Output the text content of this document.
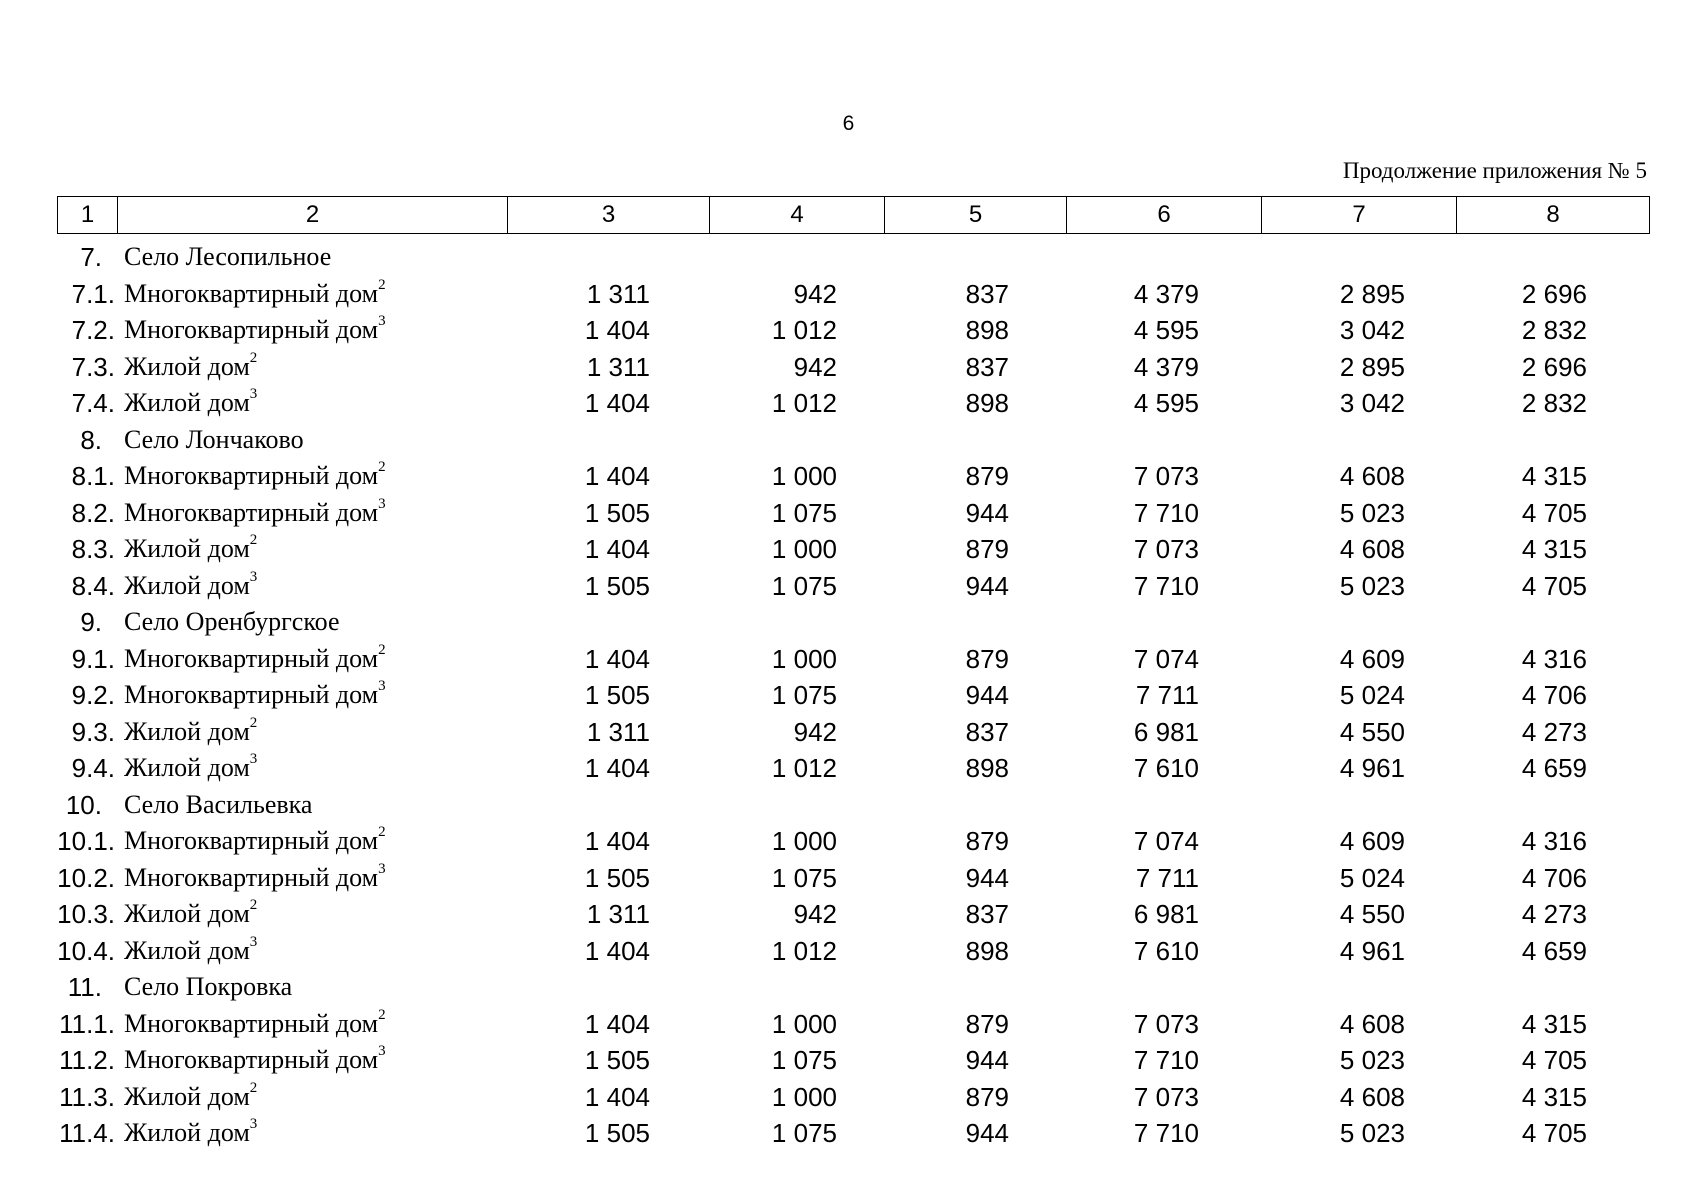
6
Продолжение приложения № 5
1	2	3	4	5	6	7	8
7. Село Лесопильное
7.1. Многоквартирный дом$^2$	1 311	942	837	4 379	2 895	2 696
7.2. Многоквартирный дом$^3$	1 404	1 012	898	4 595	3 042	2 832
7.3. Жилой дом$^2$	1 311	942	837	4 379	2 895	2 696
7.4. Жилой дом$^3$	1 404	1 012	898	4 595	3 042	2 832
8. Село Лончаково
8.1. Многоквартирный дом$^2$	1 404	1 000	879	7 073	4 608	4 315
8.2. Многоквартирный дом$^3$	1 505	1 075	944	7 710	5 023	4 705
8.3. Жилой дом$^2$	1 404	1 000	879	7 073	4 608	4 315
8.4. Жилой дом$^3$	1 505	1 075	944	7 710	5 023	4 705
9. Село Оренбургское
9.1. Многоквартирный дом$^2$	1 404	1 000	879	7 074	4 609	4 316
9.2. Многоквартирный дом$^3$	1 505	1 075	944	7 711	5 024	4 706
9.3. Жилой дом$^2$	1 311	942	837	6 981	4 550	4 273
9.4. Жилой дом$^3$	1 404	1 012	898	7 610	4 961	4 659
10. Село Васильевка
10.1. Многоквартирный дом$^2$	1 404	1 000	879	7 074	4 609	4 316
10.2. Многоквартирный дом$^3$	1 505	1 075	944	7 711	5 024	4 706
10.3. Жилой дом$^2$	1 311	942	837	6 981	4 550	4 273
10.4. Жилой дом$^3$	1 404	1 012	898	7 610	4 961	4 659
11. Село Покровка
11.1. Многоквартирный дом$^2$	1 404	1 000	879	7 073	4 608	4 315
11.2. Многоквартирный дом$^3$	1 505	1 075	944	7 710	5 023	4 705
11.3. Жилой дом$^2$	1 404	1 000	879	7 073	4 608	4 315
11.4. Жилой дом$^3$	1 505	1 075	944	7 710	5 023	4 705
